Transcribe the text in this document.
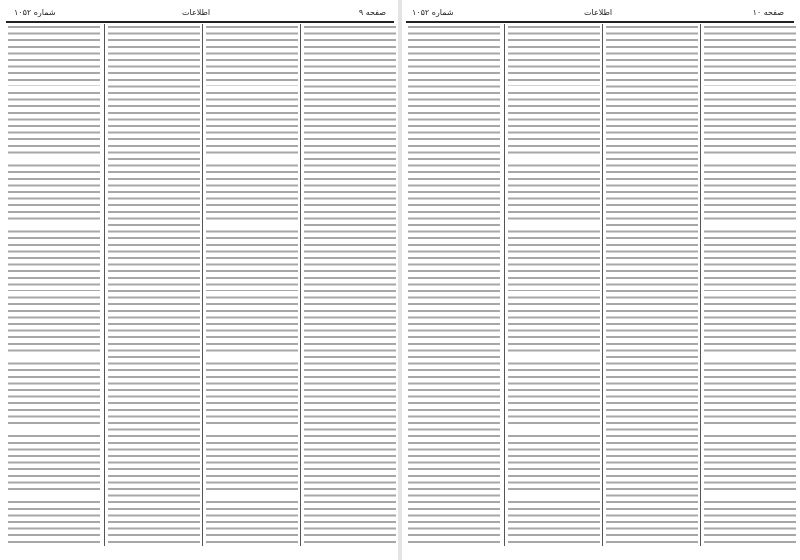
شماره ۱۰۵۲	اطلاعات	صفحه ۹	شماره ۱۰۵۲	اطلاعات	صفحه ۱۰
